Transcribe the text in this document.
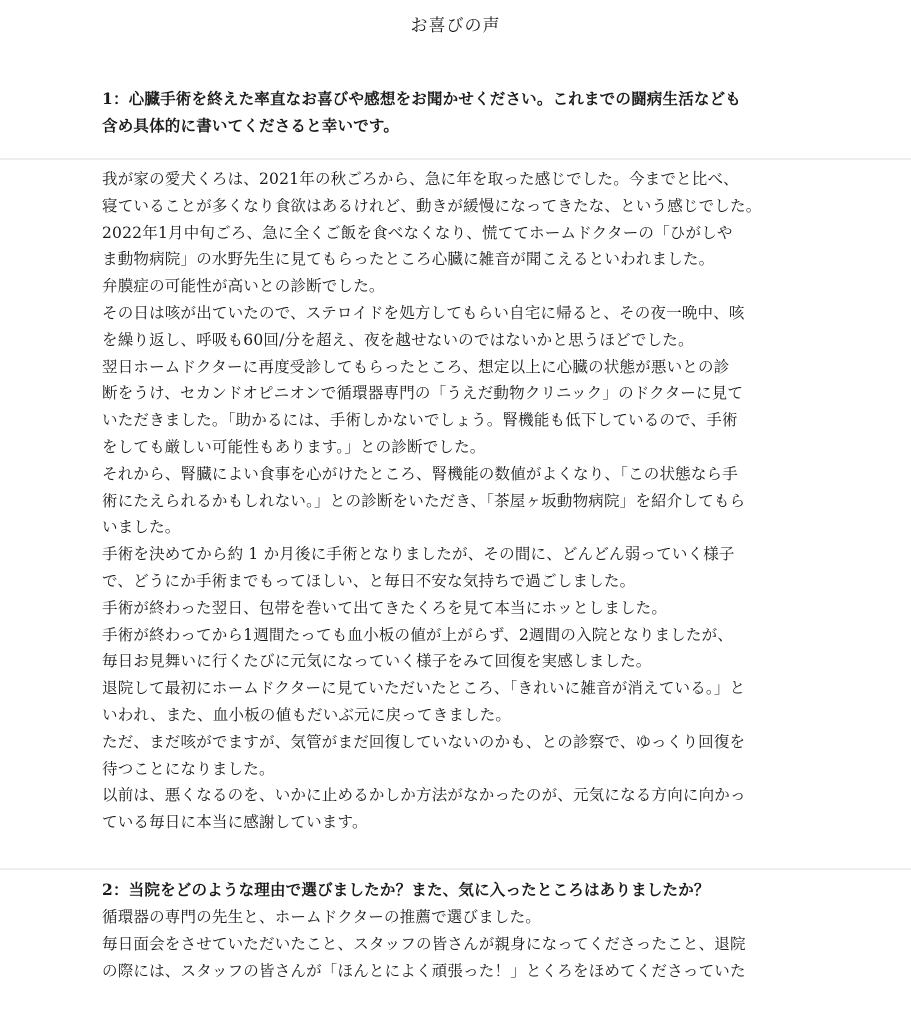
お喜びの声
1：心臓手術を終えた率直なお喜びや感想をお聞かせください。これまでの闘病生活なども
含め具体的に書いてくださると幸いです。
我が家の愛犬くろは、2021年の秋ごろから、急に年を取った感じでした。今までと比べ、
寝ていることが多くなり食欲はあるけれど、動きが緩慢になってきたな、という感じでした。
2022年1月中旬ごろ、急に全くご飯を食べなくなり、慌ててホームドクターの「ひがしや
ま動物病院」の水野先生に見てもらったところ心臓に雑音が聞こえるといわれました。
弁膜症の可能性が高いとの診断でした。
その日は咳が出ていたので、ステロイドを処方してもらい自宅に帰ると、その夜一晩中、咳
を繰り返し、呼吸も60回/分を超え、夜を越せないのではないかと思うほどでした。
翌日ホームドクターに再度受診してもらったところ、想定以上に心臓の状態が悪いとの診
断をうけ、セカンドオピニオンで循環器専門の「うえだ動物クリニック」のドクターに見て
いただきました。「助かるには、手術しかないでしょう。腎機能も低下しているので、手術
をしても厳しい可能性もあります。」との診断でした。
それから、腎臓によい食事を心がけたところ、腎機能の数値がよくなり、「この状態なら手
術にたえられるかもしれない。」との診断をいただき、「茶屋ヶ坂動物病院」を紹介してもら
いました。
手術を決めてから約 1 か月後に手術となりましたが、その間に、どんどん弱っていく様子
で、どうにか手術までもってほしい、と毎日不安な気持ちで過ごしました。
手術が終わった翌日、包帯を巻いて出てきたくろを見て本当にホッとしました。
手術が終わってから1週間たっても血小板の値が上がらず、2週間の入院となりましたが、
毎日お見舞いに行くたびに元気になっていく様子をみて回復を実感しました。
退院して最初にホームドクターに見ていただいたところ、「きれいに雑音が消えている。」と
いわれ、また、血小板の値もだいぶ元に戻ってきました。
ただ、まだ咳がでますが、気管がまだ回復していないのかも、との診察で、ゆっくり回復を
待つことになりました。
以前は、悪くなるのを、いかに止めるかしか方法がなかったのが、元気になる方向に向かっ
ている毎日に本当に感謝しています。
2：当院をどのような理由で選びましたか？また、気に入ったところはありましたか？
循環器の専門の先生と、ホームドクターの推薦で選びました。
毎日面会をさせていただいたこと、スタッフの皆さんが親身になってくださったこと、退院
の際には、スタッフの皆さんが「ほんとによく頑張った！」とくろをほめてくださっていた
